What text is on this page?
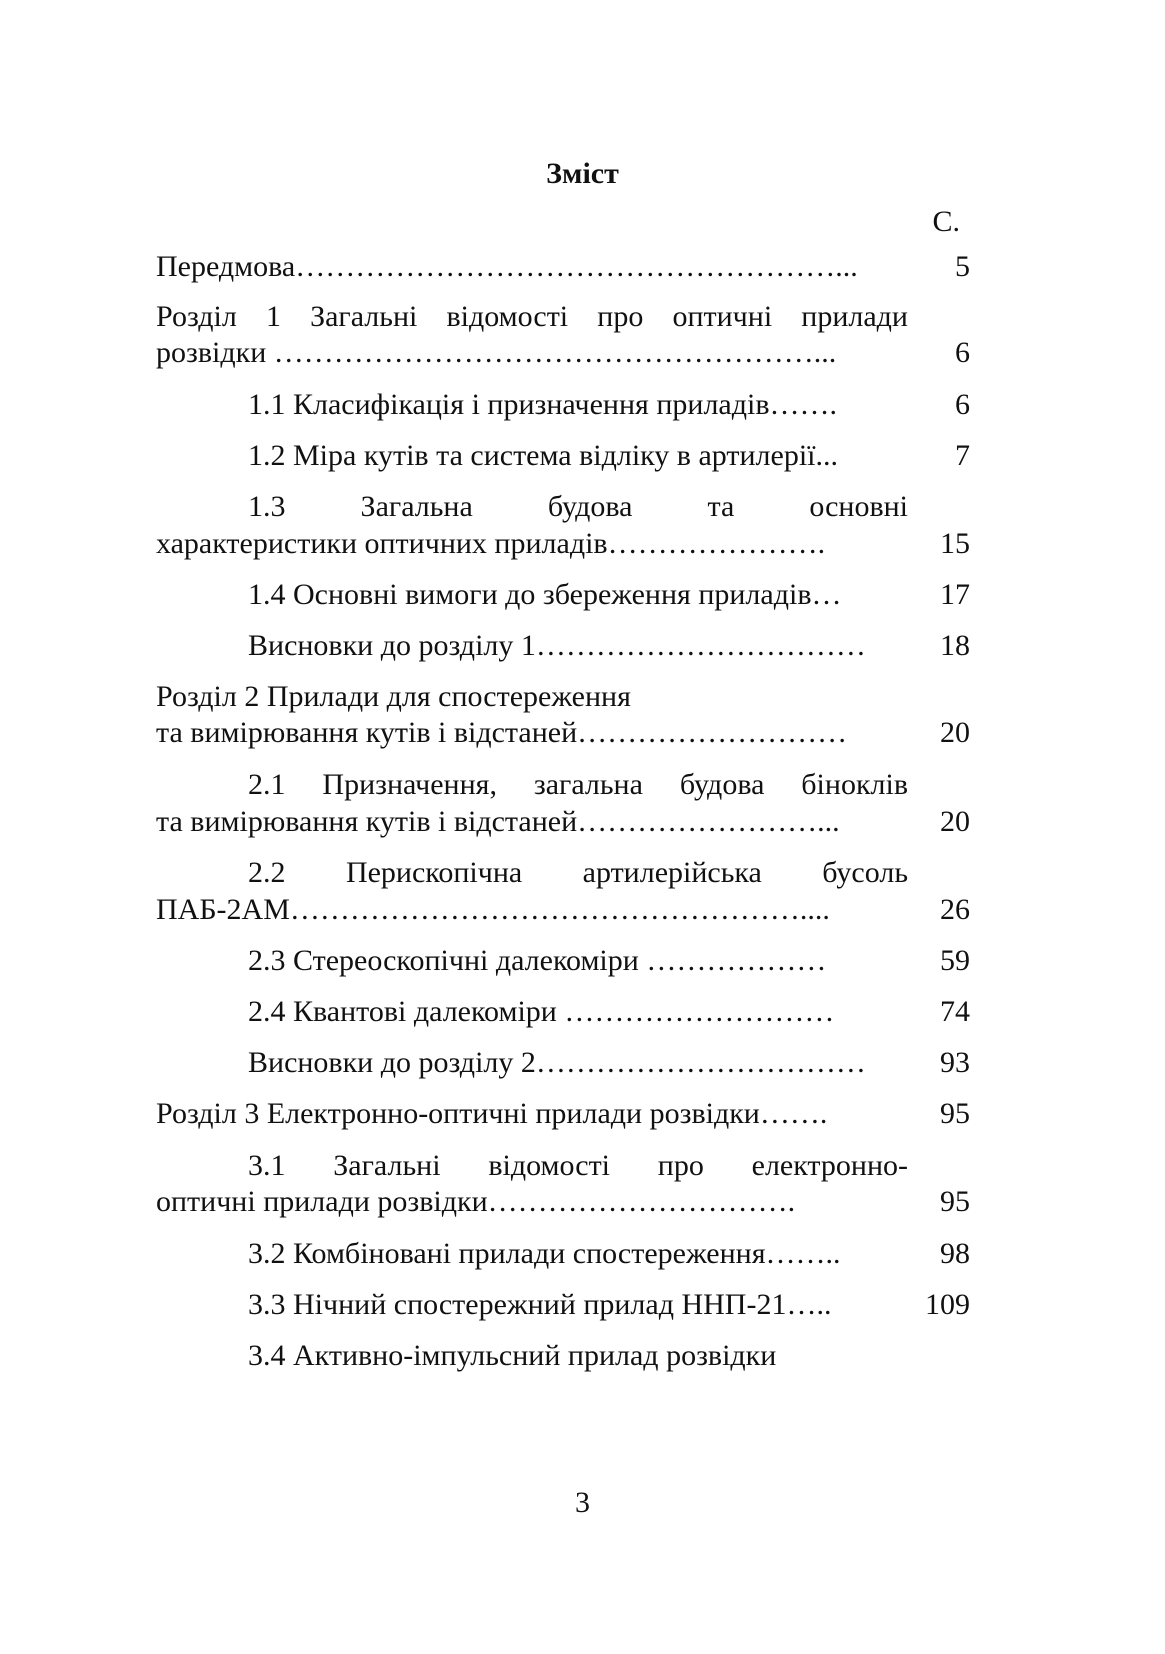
Зміст
С.
Передмова………………………………………………...	5
Розділ 1 Загальні відомості про оптичні прилади
розвідки ………………………………………………...	6
1.1 Класифікація і призначення приладів…….	6
1.2 Міра кутів та система відліку в артилерії...	7
1.3 Загальна будова та основні
характеристики оптичних приладів………………….	15
1.4 Основні вимоги до збереження приладів…	17
Висновки до розділу 1……………………………	18
Розділ 2 Прилади для спостереження
та вимірювання кутів і відстаней………………………	20
2.1 Призначення, загальна будова біноклів
та вимірювання кутів і відстаней……………………...	20
2.2 Перископічна артилерійська бусоль
ПАБ-2АМ……………………………………………....	26
2.3 Стереоскопічні далекоміри ………………	59
2.4 Квантові далекоміри ………………………	74
Висновки до розділу 2……………………………	93
Розділ 3 Електронно-оптичні прилади розвідки…….	95
3.1 Загальні відомості про електронно-
оптичні прилади розвідки………………………….	95
3.2 Комбіновані прилади спостереження……..	98
3.3 Нічний спостережний прилад ННП-21…..	109
3.4 Активно-імпульсний прилад розвідки
3
